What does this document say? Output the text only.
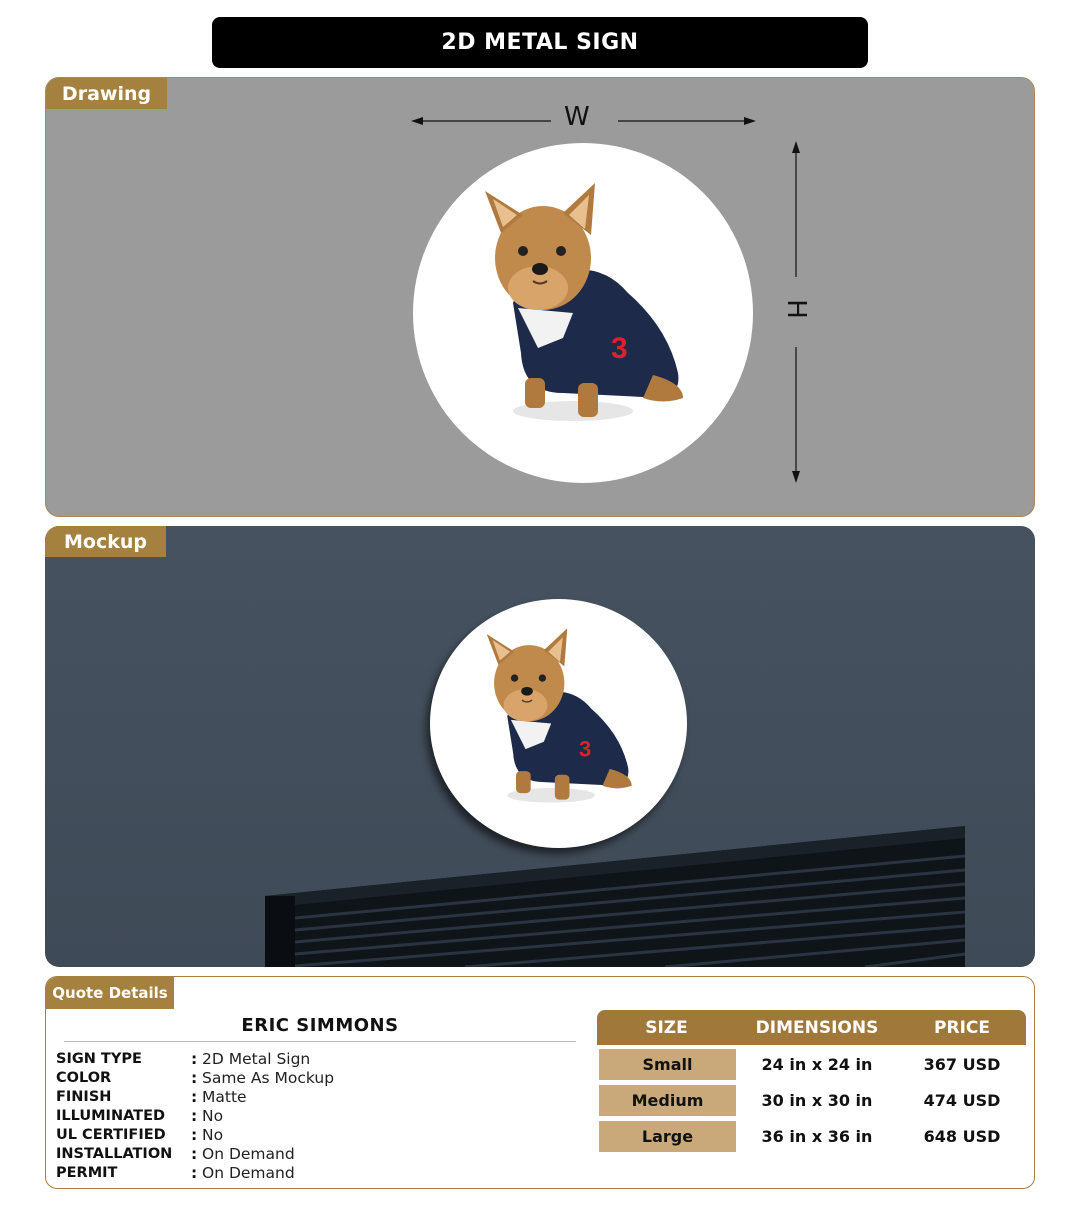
2D METAL SIGN
Drawing
W
H
3
Mockup
3
Quote Details
ERIC SIMMONS
SIGN TYPE	: 2D Metal Sign
COLOR	: Same As Mockup
FINISH	: Matte
ILLUMINATED	: No
UL CERTIFIED	: No
INSTALLATION	: On Demand
PERMIT	: On Demand
SIZE	DIMENSIONS	PRICE
Small	24 in x 24 in	367 USD
Medium	30 in x 30 in	474 USD
Large	36 in x 36 in	648 USD
